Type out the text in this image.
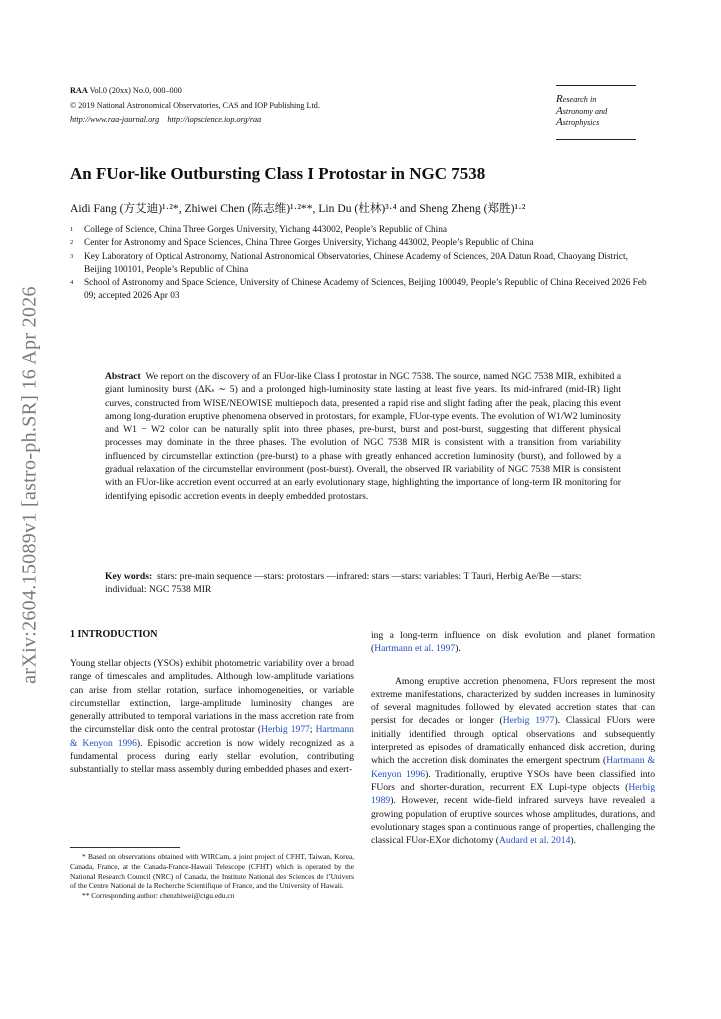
RAA Vol.0 (20xx) No.0, 000–000
© 2019 National Astronomical Observatories, CAS and IOP Publishing Ltd.
http://www.raa-journal.org http://iopscience.iop.org/raa
Research in
Astronomy and
Astrophysics
arXiv:2604.15089v1 [astro-ph.SR] 16 Apr 2026
An FUor-like Outbursting Class I Protostar in NGC 7538
Aidi Fang (方艾迪)¹·²*, Zhiwei Chen (陈志维)¹·²**, Lin Du (杜林)³·⁴ and Sheng Zheng (郑胜)¹·²
1 College of Science, China Three Gorges University, Yichang 443002, People’s Republic of China
2 Center for Astronomy and Space Sciences, China Three Gorges University, Yichang 443002, People’s Republic of China
3 Key Laboratory of Optical Astronomy, National Astronomical Observatories, Chinese Academy of Sciences, 20A Datun Road, Chaoyang District, Beijing 100101, People’s Republic of China
4 School of Astronomy and Space Science, University of Chinese Academy of Sciences, Beijing 100049, People’s Republic of China Received 2026 Feb 09; accepted 2026 Apr 03
Abstract We report on the discovery of an FUor-like Class I protostar in NGC 7538. The source, named NGC 7538 MIR, exhibited a giant luminosity burst (ΔKₛ ∼ 5) and a prolonged high-luminosity state lasting at least five years. Its mid-infrared (mid-IR) light curves, constructed from WISE/NEOWISE multiepoch data, presented a rapid rise and slight fading after the peak, placing this event among long-duration eruptive phenomena observed in protostars, for example, FUor-type events. The evolution of W1/W2 luminosity and W1 − W2 color can be naturally split into three phases, pre-burst, burst and post-burst, suggesting that different physical processes may dominate in the three phases. The evolution of NGC 7538 MIR is consistent with a transition from variability influenced by circumstellar extinction (pre-burst) to a phase with greatly enhanced accretion luminosity (burst), and followed by a gradual relaxation of the circumstellar environment (post-burst). Overall, the observed IR variability of NGC 7538 MIR is consistent with an FUor-like accretion event occurred at an early evolutionary stage, highlighting the importance of long-term IR monitoring for identifying episodic accretion events in deeply embedded protostars.
Key words: stars: pre-main sequence —stars: protostars —infrared: stars —stars: variables: T Tauri, Herbig Ae/Be —stars: individual: NGC 7538 MIR
1 INTRODUCTION

Young stellar objects (YSOs) exhibit photometric variability over a broad range of timescales and amplitudes. Although low-amplitude variations can arise from stellar rotation, surface inhomogeneities, or variable circumstellar extinction, large-amplitude luminosity changes are generally attributed to temporal variations in the mass accretion rate from the circumstellar disk onto the central protostar (Herbig 1977; Hartmann & Kenyon 1996). Episodic accretion is now widely recognized as a fundamental process during early stellar evolution, contributing substantially to stellar mass assembly during embedded phases and exert-

ing a long-term influence on disk evolution and planet formation (Hartmann et al. 1997).

Among eruptive accretion phenomena, FUors represent the most extreme manifestations, characterized by sudden increases in luminosity of several magnitudes followed by elevated accretion states that can persist for decades or longer (Herbig 1977). Classical FUors were initially identified through optical observations and subsequently interpreted as episodes of dramatically enhanced disk accretion, during which the accretion disk dominates the emergent spectrum (Hartmann & Kenyon 1996). Traditionally, eruptive YSOs have been classified into FUors and shorter-duration, recurrent EX Lupi-type objects (Herbig 1989). However, recent wide-field infrared surveys have revealed a growing population of eruptive sources whose amplitudes, durations, and evolutionary stages span a continuous range of properties, challenging the classical FUor-EXor dichotomy (Audard et al. 2014).

* Based on observations obtained with WIRCam, a joint project of CFHT, Taiwan, Korea, Canada, France, at the Canada-France-Hawaii Telescope (CFHT) which is operated by the National Research Council (NRC) of Canada, the Institute National des Sciences de l’Univers of the Centre National de la Recherche Scientifique of France, and the University of Hawaii.

** Corresponding author: chenzhiwei@ctgu.edu.cn
